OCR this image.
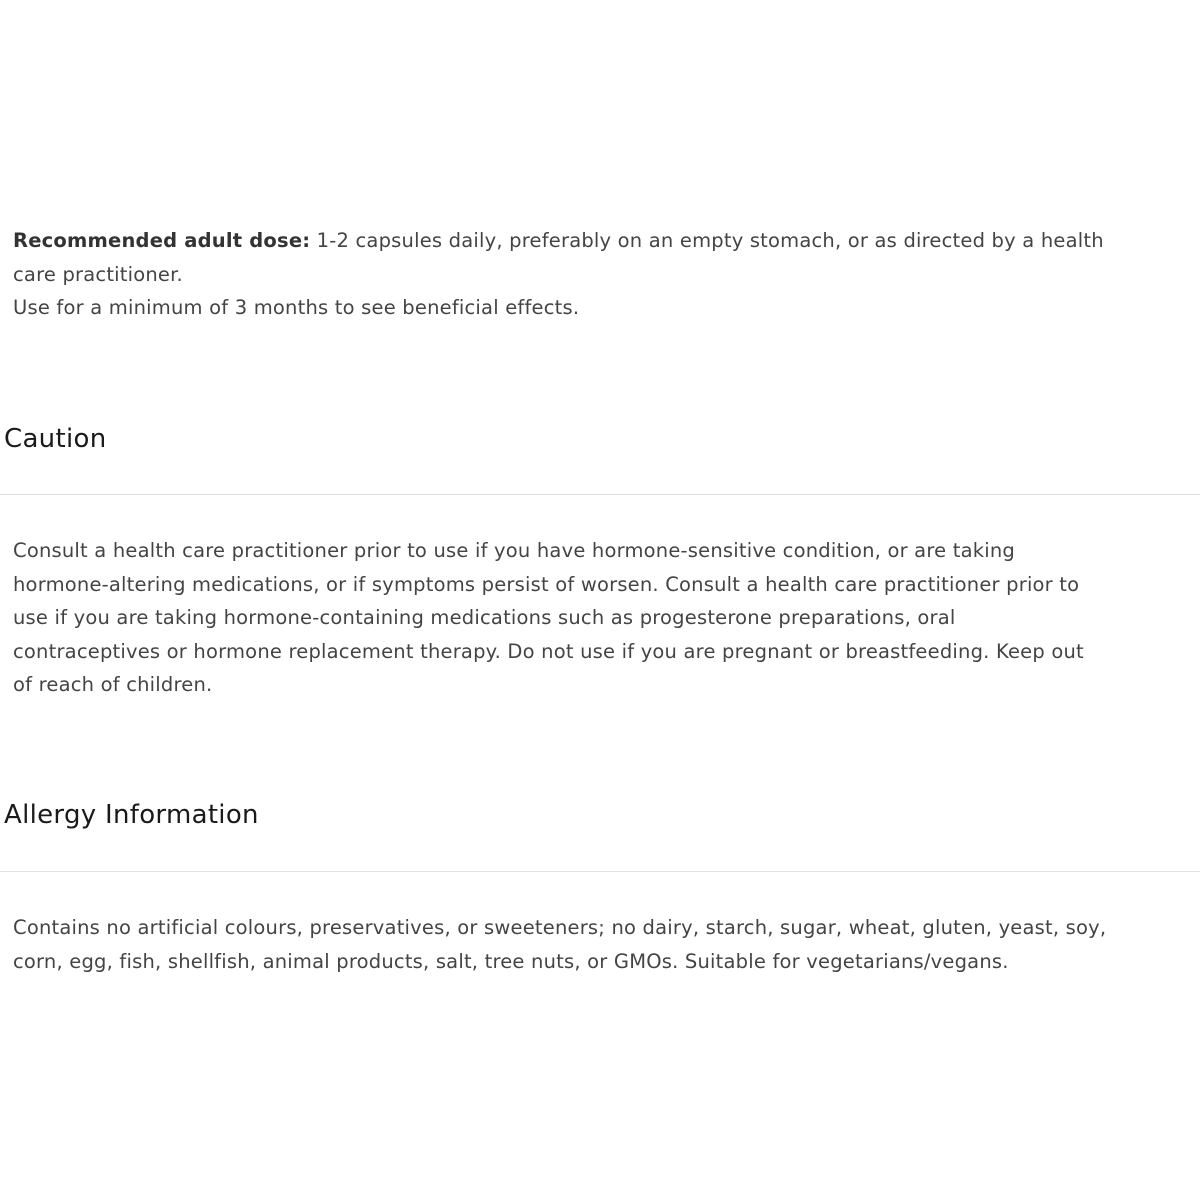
Recommended adult dose: 1-2 capsules daily, preferably on an empty stomach, or as directed by a health
care practitioner.
Use for a minimum of 3 months to see beneficial effects.

Caution

Consult a health care practitioner prior to use if you have hormone-sensitive condition, or are taking
hormone-altering medications, or if symptoms persist of worsen. Consult a health care practitioner prior to
use if you are taking hormone-containing medications such as progesterone preparations, oral
contraceptives or hormone replacement therapy. Do not use if you are pregnant or breastfeeding. Keep out
of reach of children.

Allergy Information

Contains no artificial colours, preservatives, or sweeteners; no dairy, starch, sugar, wheat, gluten, yeast, soy,
corn, egg, fish, shellfish, animal products, salt, tree nuts, or GMOs. Suitable for vegetarians/vegans.
